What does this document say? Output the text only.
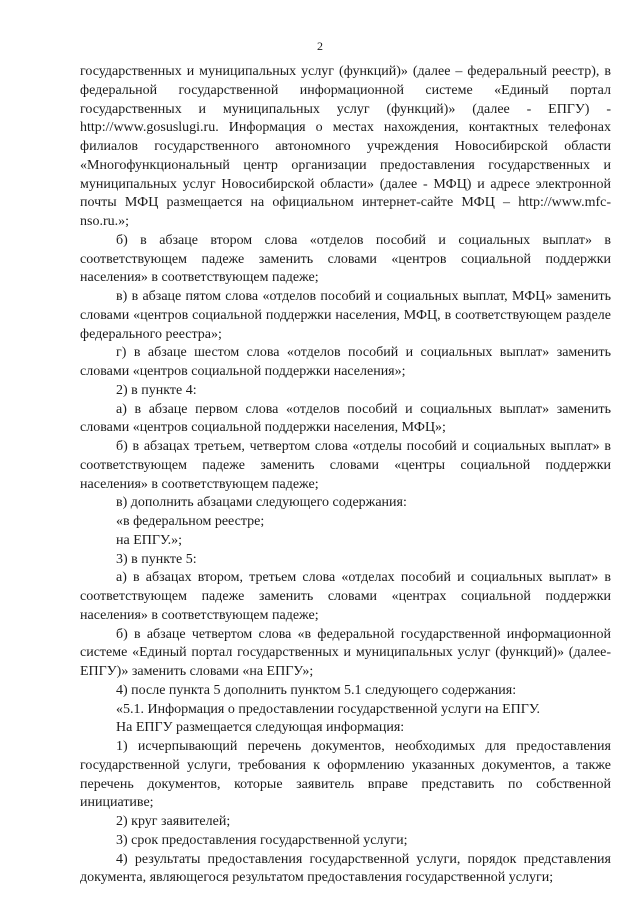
2

государственных и муниципальных услуг (функций)» (далее – федеральный реестр), в федеральной государственной информационной системе «Единый портал государственных и муниципальных услуг (функций)» (далее - ЕПГУ) - http://www.gosuslugi.ru. Информация о местах нахождения, контактных телефонах филиалов государственного автономного учреждения Новосибирской области «Многофункциональный центр организации предоставления государственных и муниципальных услуг Новосибирской области» (далее - МФЦ) и адресе электронной почты МФЦ размещается на официальном интернет-сайте МФЦ – http://www.mfc-nso.ru.»;

б) в абзаце втором слова «отделов пособий и социальных выплат» в соответствующем падеже заменить словами «центров социальной поддержки населения» в соответствующем падеже;

в) в абзаце пятом слова «отделов пособий и социальных выплат, МФЦ» заменить словами «центров социальной поддержки населения, МФЦ, в соответствующем разделе федерального реестра»;

г) в абзаце шестом слова «отделов пособий и социальных выплат» заменить словами «центров социальной поддержки населения»;

2) в пункте 4:

а) в абзаце первом слова «отделов пособий и социальных выплат» заменить словами «центров социальной поддержки населения, МФЦ»;

б) в абзацах третьем, четвертом слова «отделы пособий и социальных выплат» в соответствующем падеже заменить словами «центры социальной поддержки населения» в соответствующем падеже;

в) дополнить абзацами следующего содержания:

«в федеральном реестре;

на ЕПГУ.»;

3) в пункте 5:

а) в абзацах втором, третьем слова «отделах пособий и социальных выплат» в соответствующем падеже заменить словами «центрах социальной поддержки населения» в соответствующем падеже;

б) в абзаце четвертом слова «в федеральной государственной информационной системе «Единый портал государственных и муниципальных услуг (функций)» (далее-ЕПГУ)» заменить словами «на ЕПГУ»;

4) после пункта 5 дополнить пунктом 5.1 следующего содержания:

«5.1. Информация о предоставлении государственной услуги на ЕПГУ.

На ЕПГУ размещается следующая информация:

1) исчерпывающий перечень документов, необходимых для предоставления государственной услуги, требования к оформлению указанных документов, а также перечень документов, которые заявитель вправе представить по собственной инициативе;

2) круг заявителей;

3) срок предоставления государственной услуги;

4) результаты предоставления государственной услуги, порядок представления документа, являющегося результатом предоставления государственной услуги;
